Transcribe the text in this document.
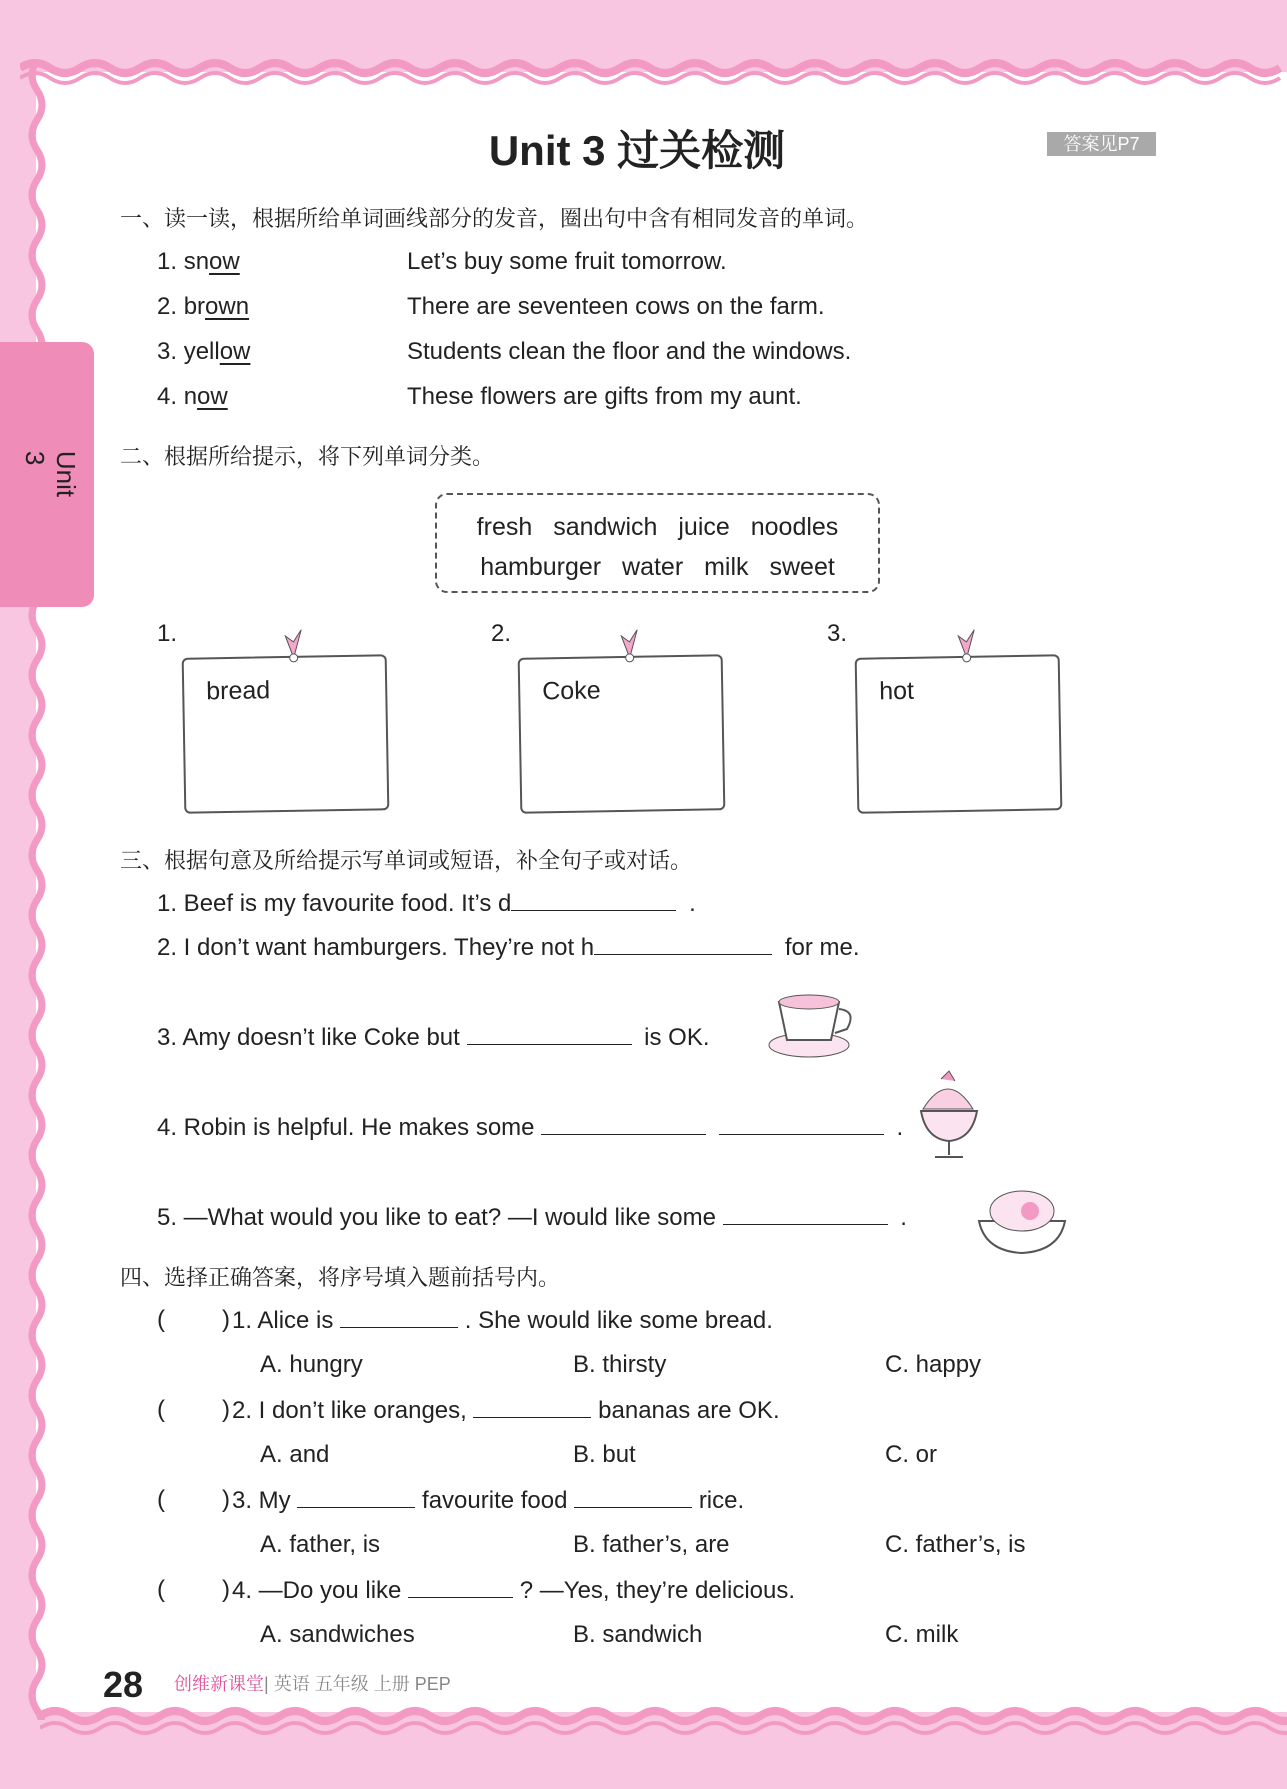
Unit 3
Unit 3 过关检测	答案见P7
一、读一读，根据所给单词画线部分的发音，圈出句中含有相同发音的单词。
1. snow	Let’s buy some fruit tomorrow.
2. brown	There are seventeen cows on the farm.
3. yellow	Students clean the floor and the windows.
4. now	These flowers are gifts from my aunt.
二、根据所给提示，将下列单词分类。
fresh sandwich juice noodles
hamburger water milk sweet
1.
bread
2.
Coke
3.
hot
三、根据句意及所给提示写单词或短语，补全句子或对话。
1. Beef is my favourite food. It’s d	.
2. I don’t want hamburgers. They’re not h	for me.
3. Amy doesn’t like Coke but	is OK.
4. Robin is helpful. He makes some	.
5. —What would you like to eat? —I would like some	.
四、选择正确答案，将序号填入题前括号内。
( ) 1. Alice is	. She would like some bread.
A. hungry	B. thirsty	C. happy
( ) 2. I don’t like oranges,	bananas are OK.
A. and	B. but	C. or
( ) 3. My	favourite food	rice.
A. father, is	B. father’s, are	C. father’s, is
( ) 4. —Do you like	? —Yes, they’re delicious.
A. sandwiches	B. sandwich	C. milk
28 创维新课堂| 英语 五年级 上册 PEP
